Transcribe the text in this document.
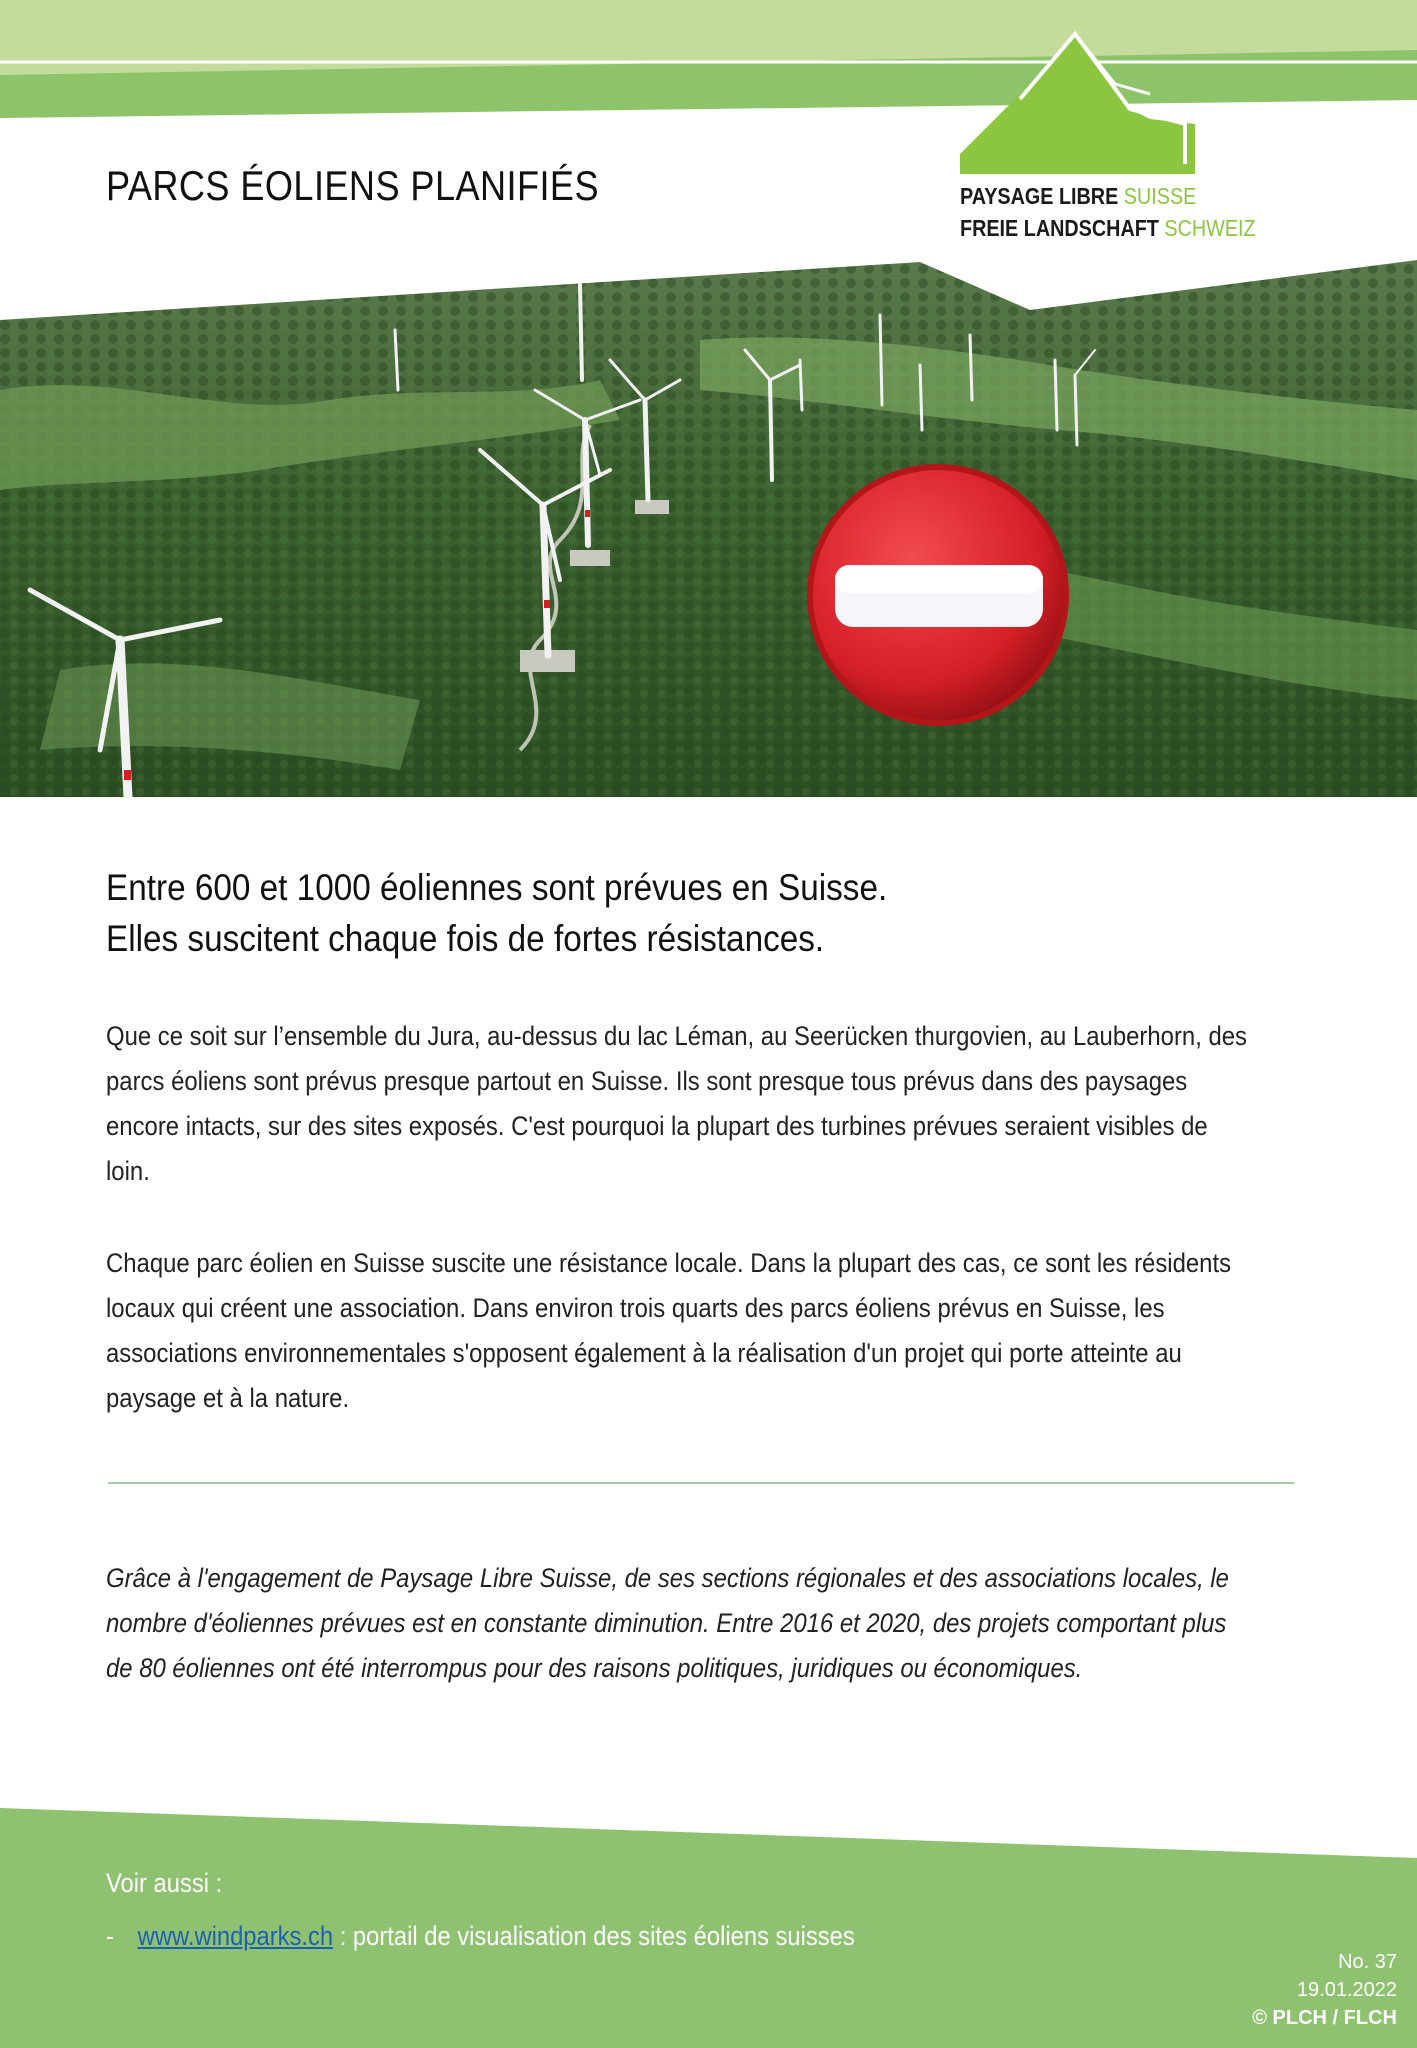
PARCS ÉOLIENS PLANIFIÉS	PAYSAGE LIBRE SUISSE
FREIE LANDSCHAFT SCHWEIZ
Entre 600 et 1000 éoliennes sont prévues en Suisse.
Elles suscitent chaque fois de fortes résistances.

Que ce soit sur l’ensemble du Jura, au-dessus du lac Léman, au Seerücken thurgovien, au Lauberhorn, des parcs éoliens sont prévus presque partout en Suisse. Ils sont presque tous prévus dans des paysages encore intacts, sur des sites exposés. C'est pourquoi la plupart des turbines prévues seraient visibles de loin.

Chaque parc éolien en Suisse suscite une résistance locale. Dans la plupart des cas, ce sont les résidents locaux qui créent une association. Dans environ trois quarts des parcs éoliens prévus en Suisse, les associations environnementales s'opposent également à la réalisation d'un projet qui porte atteinte au paysage et à la nature.

Grâce à l'engagement de Paysage Libre Suisse, de ses sections régionales et des associations locales, le nombre d'éoliennes prévues est en constante diminution. Entre 2016 et 2020, des projets comportant plus de 80 éoliennes ont été interrompus pour des raisons politiques, juridiques ou économiques.

Voir aussi :
- www.windparks.ch : portail de visualisation des sites éoliens suisses
No. 37
19.01.2022
© PLCH / FLCH
